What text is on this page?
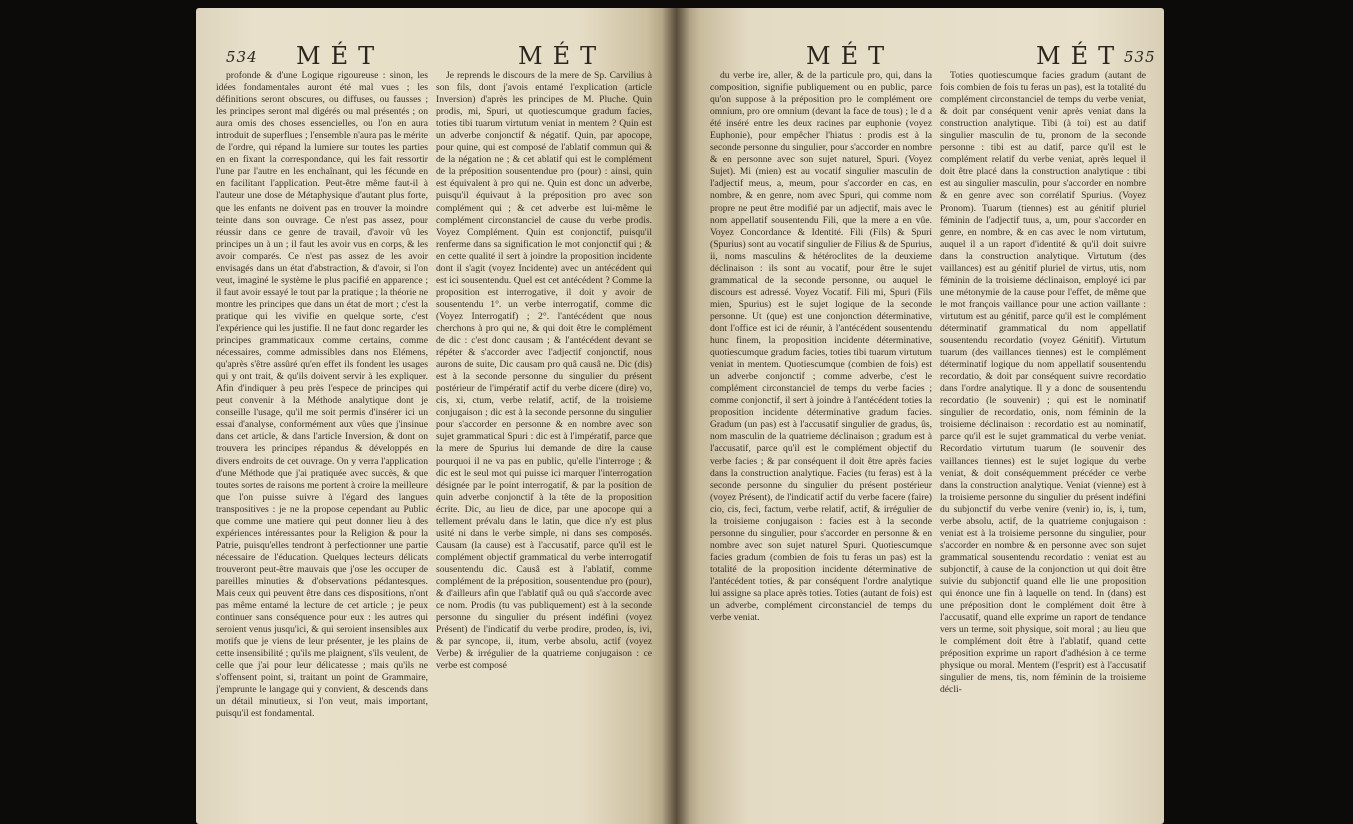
534 MÉT	MÉT

profonde & d'une Logique rigoureuse : sinon, les idées fondamentales auront été mal vues ; les définitions seront obscures, ou diffuses, ou fausses ; les principes seront mal digérés ou mal présentés ; on aura omis des choses essencielles, ou l'on en aura introduit de superflues ; l'ensemble n'aura pas le mérite de l'ordre, qui répand la lumiere sur toutes les parties en en fixant la correspondance, qui les fait ressortir l'une par l'autre en les enchaînant, qui les fécunde en en facilitant l'application. Peut-être même faut-il à l'auteur une dose de Métaphysique d'autant plus forte, que les enfants ne doivent pas en trouver la moindre teinte dans son ouvrage. Ce n'est pas assez, pour réussir dans ce genre de travail, d'avoir vû les principes un à un ; il faut les avoir vus en corps, & les avoir comparés. Ce n'est pas assez de les avoir envisagés dans un état d'abstraction, & d'avoir, si l'on veut, imaginé le système le plus pacifié en apparence ; il faut avoir essayé le tout par la pratique ; la théorie ne montre les principes que dans un état de mort ; c'est la pratique qui les vivifie en quelque sorte, c'est l'expérience qui les justifie. Il ne faut donc regarder les principes grammaticaux comme certains, comme nécessaires, comme admissibles dans nos Elémens, qu'après s'être assûré qu'en effet ils fondent les usages qui y ont trait, & qu'ils doivent servir à les expliquer. Afin d'indiquer à peu près l'espece de principes qui peut convenir à la Méthode analytique dont je conseille l'usage, qu'il me soit permis d'insérer ici un essai d'analyse, conformément aux vûes que j'insinue dans cet article, & dans l'article Inversion, & dont on trouvera les principes répandus & développés en divers endroits de cet ouvrage. On y verra l'application d'une Méthode que j'ai pratiquée avec succès, & que toutes sortes de raisons me portent à croire la meilleure que l'on puisse suivre à l'égard des langues transpositives : je ne la propose cependant au Public que comme une matiere qui peut donner lieu à des expériences intéressantes pour la Religion & pour la Patrie, puisqu'elles tendront à perfectionner une partie nécessaire de l'éducation. Quelques lecteurs délicats trouveront peut-être mauvais que j'ose les occuper de pareilles minuties & d'observations pédantesques. Mais ceux qui peuvent être dans ces dispositions, n'ont pas même entamé la lecture de cet article ; je peux continuer sans conséquence pour eux : les autres qui seroient venus jusqu'ici, & qui seroient insensibles aux motifs que je viens de leur présenter, je les plains de cette insensibilité ; qu'ils me plaignent, s'ils veulent, de celle que j'ai pour leur délicatesse ; mais qu'ils ne s'offensent point, si, traitant un point de Grammaire, j'emprunte le langage qui y convient, & descends dans un détail minutieux, si l'on veut, mais important, puisqu'il est fondamental.

Je reprends le discours de la mere de Sp. Carvilius à son fils, dont j'avois entamé l'explication (article Inversion) d'après les principes de M. Pluche. Quin prodis, mi, Spuri, ut quotiescumque gradum facies, toties tibi tuarum virtutum veniat in mentem ? Quin est un adverbe conjonctif & négatif. Quin, par apocope, pour quine, qui est composé de l'ablatif commun qui & de la négation ne ; & cet ablatif qui est le complément de la préposition sousentendue pro (pour) : ainsi, quin est équivalent à pro qui ne. Quin est donc un adverbe, puisqu'il équivaut à la préposition pro avec son complément qui ; & cet adverbe est lui-même le complément circonstanciel de cause du verbe prodis. Voyez Complément. Quin est conjonctif, puisqu'il renferme dans sa signification le mot conjonctif qui ; & en cette qualité il sert à joindre la proposition incidente dont il s'agit (voyez Incidente) avec un antécédent qui est ici sousentendu. Quel est cet antécédent ? Comme la proposition est interrogative, il doit y avoir de sousentendu 1°. un verbe interrogatif, comme dic (Voyez Interrogatif) ; 2°. l'antécédent que nous cherchons à pro qui ne, & qui doit être le complément de dic : c'est donc causam ; & l'antécédent devant se répéter & s'accorder avec l'adjectif conjonctif, nous aurons de suite, Dic causam pro quâ causâ ne. Dic (dis) est à la seconde personne du singulier du présent postérieur de l'impératif actif du verbe dicere (dire) vo, cis, xi, ctum, verbe relatif, actif, de la troisieme conjugaison ; dic est à la seconde personne du singulier pour s'accorder en personne & en nombre avec son sujet grammatical Spuri : dic est à l'impératif, parce que la mere de Spurius lui demande de dire la cause pourquoi il ne va pas en public, qu'elle l'interroge ; & dic est le seul mot qui puisse ici marquer l'interrogation désignée par le point interrogatif, & par la position de quin adverbe conjonctif à la tête de la proposition écrite. Dic, au lieu de dice, par une apocope qui a tellement prévalu dans le latin, que dice n'y est plus usité ni dans le verbe simple, ni dans ses composés. Causam (la cause) est à l'accusatif, parce qu'il est le complément objectif grammatical du verbe interrogatif sousentendu dic. Causâ est à l'ablatif, comme complément de la préposition, sousentendue pro (pour), & d'ailleurs afin que l'ablatif quâ ou quâ s'accorde avec ce nom. Prodis (tu vas publiquement) est à la seconde personne du singulier du présent indéfini (voyez Présent) de l'indicatif du verbe prodire, prodeo, is, ivi, & par syncope, ii, itum, verbe absolu, actif (voyez Verbe) & irrégulier de la quatrieme conjugaison : ce verbe est composé

MÉT	MÉT 535

du verbe ire, aller, & de la particule pro, qui, dans la composition, signifie publiquement ou en public, parce qu'on suppose à la préposition pro le complément ore omnium, pro ore omnium (devant la face de tous) ; le d a été inséré entre les deux racines par euphonie (voyez Euphonie), pour empêcher l'hiatus : prodis est à la seconde personne du singulier, pour s'accorder en nombre & en personne avec son sujet naturel, Spuri. (Voyez Sujet). Mi (mien) est au vocatif singulier masculin de l'adjectif meus, a, meum, pour s'accorder en cas, en nombre, & en genre, nom avec Spuri, qui comme nom propre ne peut être modifié par un adjectif, mais avec le nom appellatif sousentendu Fili, que la mere a en vûe. Voyez Concordance & Identité. Fili (Fils) & Spuri (Spurius) sont au vocatif singulier de Filius & de Spurius, ii, noms masculins & hétéroclites de la deuxieme déclinaison : ils sont au vocatif, pour être le sujet grammatical de la seconde personne, ou auquel le discours est adressé. Voyez Vocatif. Fili mi, Spuri (Fils mien, Spurius) est le sujet logique de la seconde personne. Ut (que) est une conjonction déterminative, dont l'office est ici de réunir, à l'antécédent sousentendu hunc finem, la proposition incidente déterminative, quotiescumque gradum facies, toties tibi tuarum virtutum veniat in mentem. Quotiescumque (combien de fois) est un adverbe conjonctif ; comme adverbe, c'est le complément circonstanciel de temps du verbe facies ; comme conjonctif, il sert à joindre à l'antécédent toties la proposition incidente déterminative gradum facies. Gradum (un pas) est à l'accusatif singulier de gradus, ûs, nom masculin de la quatrieme déclinaison ; gradum est à l'accusatif, parce qu'il est le complément objectif du verbe facies ; & par conséquent il doit être après facies dans la construction analytique. Facies (tu feras) est à la seconde personne du singulier du présent postérieur (voyez Présent), de l'indicatif actif du verbe facere (faire) cio, cis, feci, factum, verbe relatif, actif, & irrégulier de la troisieme conjugaison : facies est à la seconde personne du singulier, pour s'accorder en personne & en nombre avec son sujet naturel Spuri. Quotiescumque facies gradum (combien de fois tu feras un pas) est la totalité de la proposition incidente déterminative de l'antécédent toties, & par conséquent l'ordre analytique lui assigne sa place après toties. Toties (autant de fois) est un adverbe, complément circonstanciel de temps du verbe veniat.

Toties quotiescumque facies gradum (autant de fois combien de fois tu feras un pas), est la totalité du complément circonstanciel de temps du verbe veniat, & doit par conséquent venir après veniat dans la construction analytique. Tibi (à toi) est au datif singulier masculin de tu, pronom de la seconde personne : tibi est au datif, parce qu'il est le complément relatif du verbe veniat, après lequel il doit être placé dans la construction analytique : tibi est au singulier masculin, pour s'accorder en nombre & en genre avec son corrélatif Spurius. (Voyez Pronom). Tuarum (tiennes) est au génitif pluriel féminin de l'adjectif tuus, a, um, pour s'accorder en genre, en nombre, & en cas avec le nom virtutum, auquel il a un raport d'identité & qu'il doit suivre dans la construction analytique. Virtutum (des vaillances) est au génitif pluriel de virtus, utis, nom féminin de la troisieme déclinaison, employé ici par une métonymie de la cause pour l'effet, de même que le mot françois vaillance pour une action vaillante : virtutum est au génitif, parce qu'il est le complément déterminatif grammatical du nom appellatif sousentendu recordatio (voyez Génitif). Virtutum tuarum (des vaillances tiennes) est le complément déterminatif logique du nom appellatif sousentendu recordatio, & doit par conséquent suivre recordatio dans l'ordre analytique. Il y a donc de sousentendu recordatio (le souvenir) ; qui est le nominatif singulier de recordatio, onis, nom féminin de la troisieme déclinaison : recordatio est au nominatif, parce qu'il est le sujet grammatical du verbe veniat. Recordatio virtutum tuarum (le souvenir des vaillances tiennes) est le sujet logique du verbe veniat, & doit conséquemment précéder ce verbe dans la construction analytique. Veniat (vienne) est à la troisieme personne du singulier du présent indéfini du subjonctif du verbe venire (venir) io, is, i, tum, verbe absolu, actif, de la quatrieme conjugaison : veniat est à la troisieme personne du singulier, pour s'accorder en nombre & en personne avec son sujet grammatical sousentendu recordatio : veniat est au subjonctif, à cause de la conjonction ut qui doit être suivie du subjonctif quand elle lie une proposition qui énonce une fin à laquelle on tend. In (dans) est une préposition dont le complément doit être à l'accusatif, quand elle exprime un raport de tendance vers un terme, soit physique, soit moral ; au lieu que le complément doit être à l'ablatif, quand cette préposition exprime un raport d'adhésion à ce terme physique ou moral. Mentem (l'esprit) est à l'accusatif singulier de mens, tis, nom féminin de la troisieme décli-
